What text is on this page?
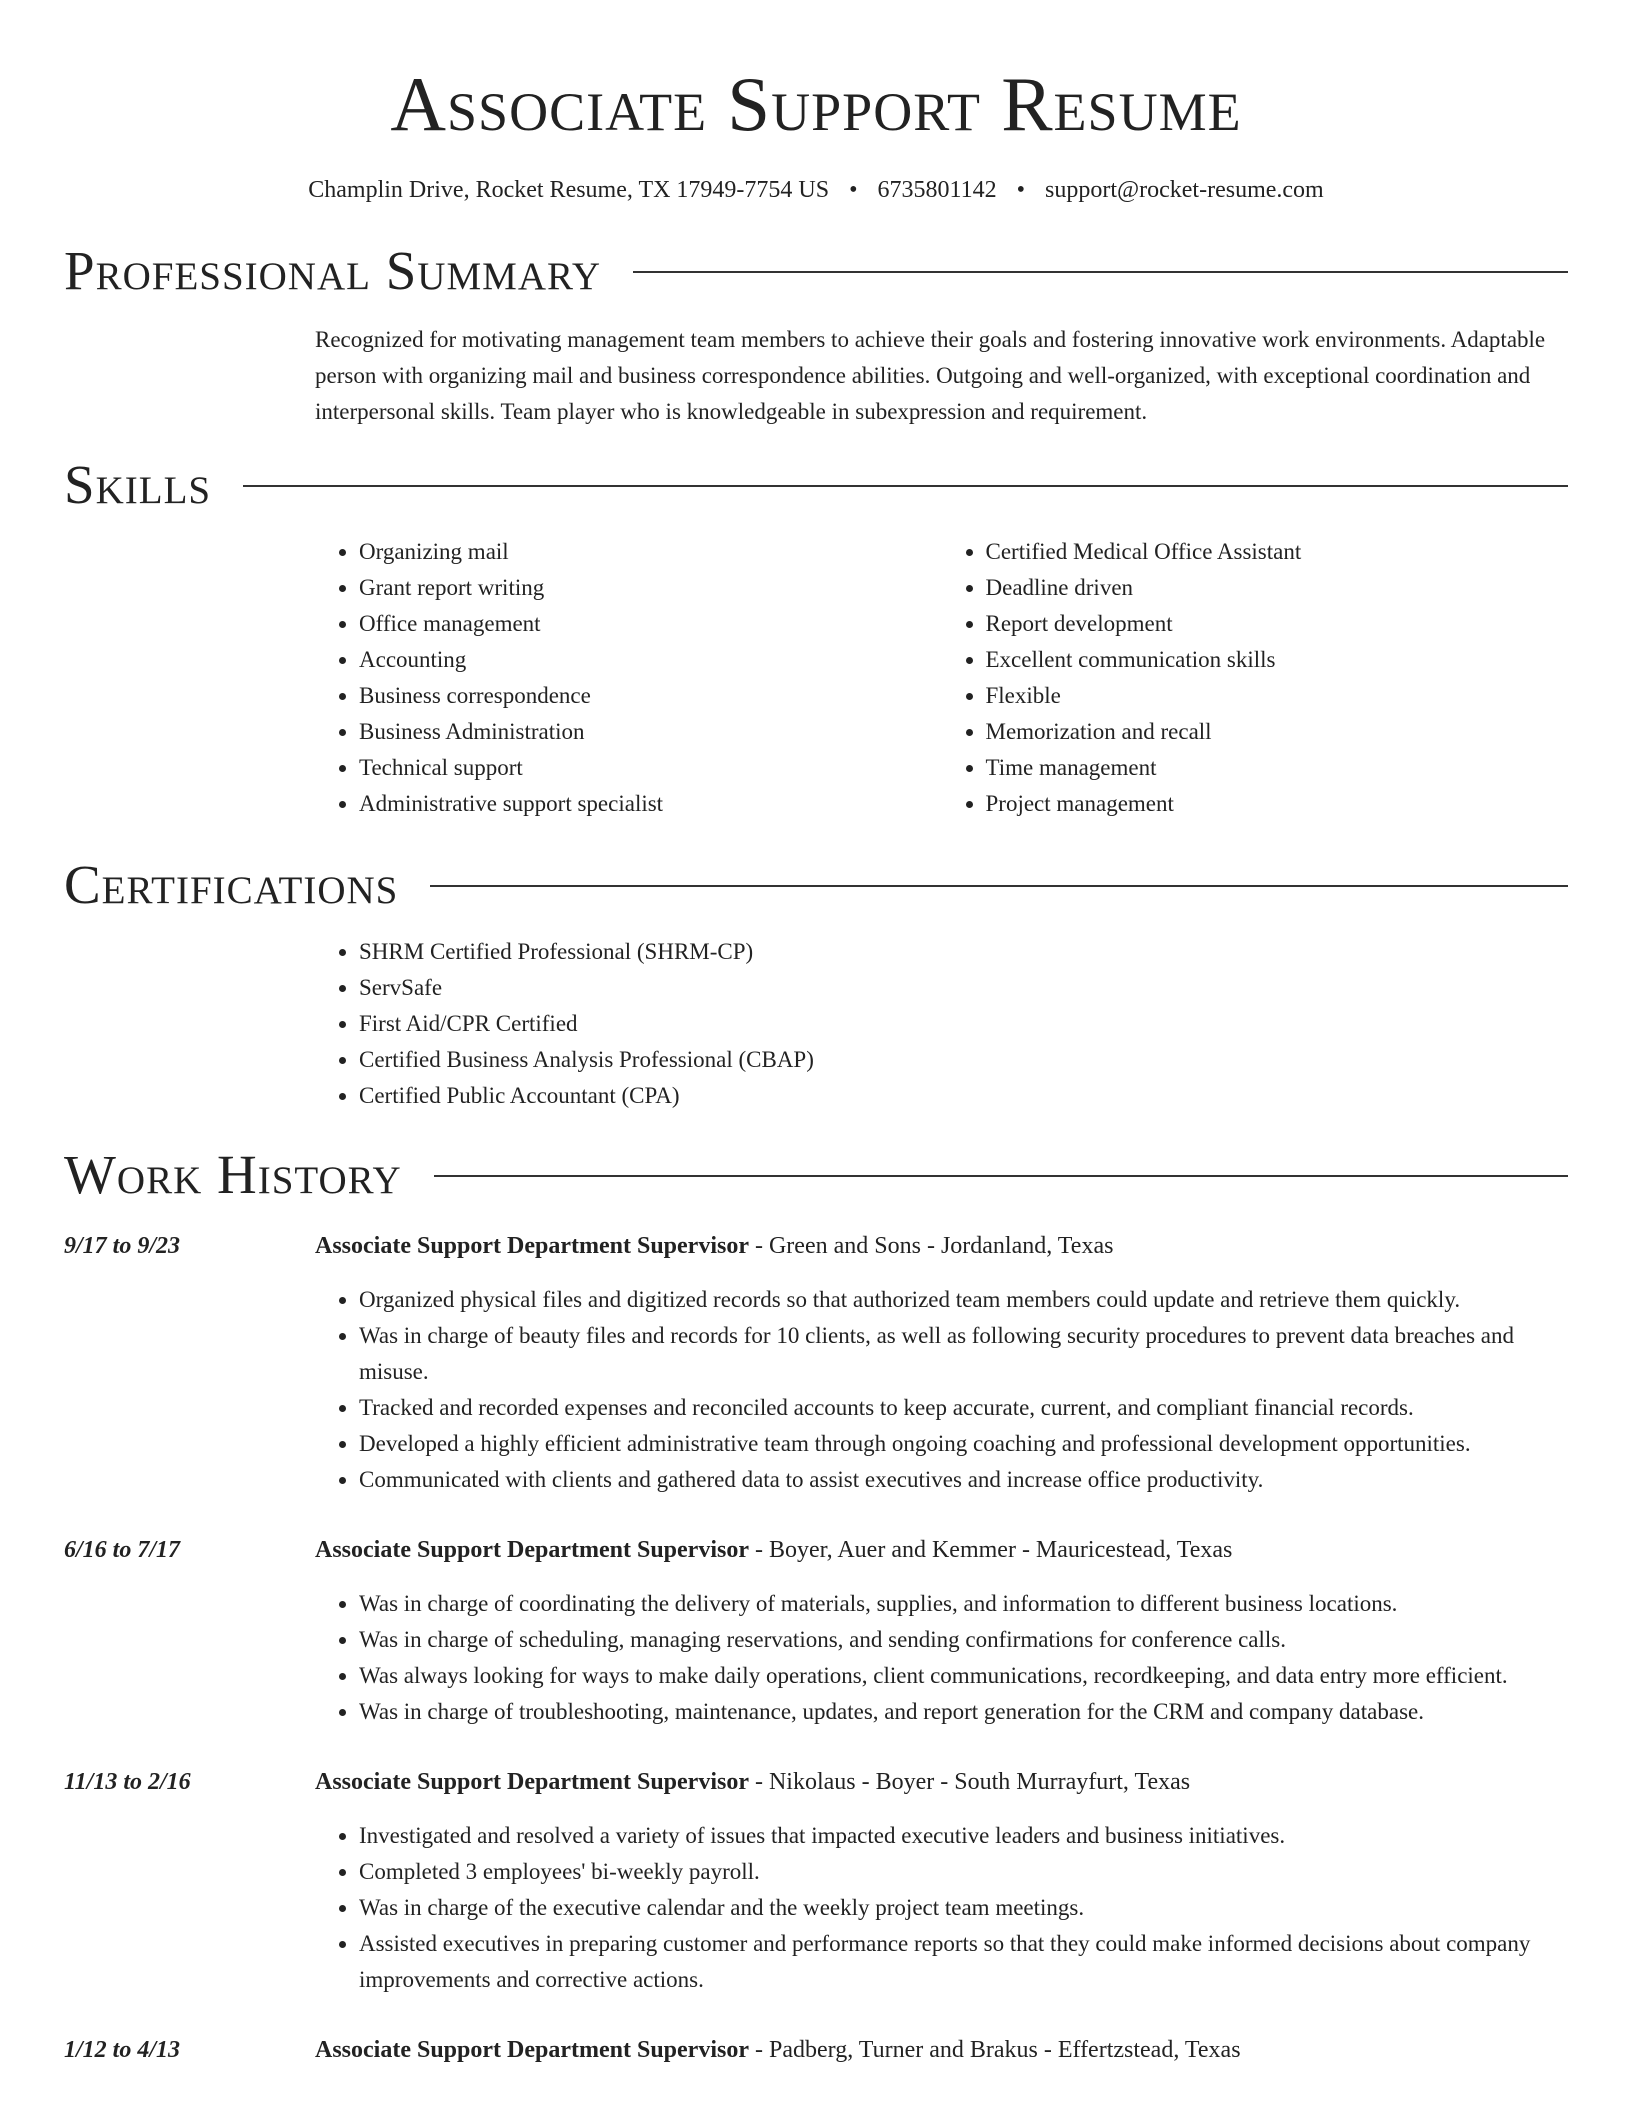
Associate Support Resume
Champlin Drive, Rocket Resume, TX 17949-7754 US • 6735801142 • support@rocket-resume.com
Professional Summary
Recognized for motivating management team members to achieve their goals and fostering innovative work environments. Adaptable person with organizing mail and business correspondence abilities. Outgoing and well-organized, with exceptional coordination and interpersonal skills. Team player who is knowledgeable in subexpression and requirement.
Skills
• Organizing mail
• Grant report writing
• Office management
• Accounting
• Business correspondence
• Business Administration
• Technical support
• Administrative support specialist
• Certified Medical Office Assistant
• Deadline driven
• Report development
• Excellent communication skills
• Flexible
• Memorization and recall
• Time management
• Project management
Certifications
• SHRM Certified Professional (SHRM-CP)
• ServSafe
• First Aid/CPR Certified
• Certified Business Analysis Professional (CBAP)
• Certified Public Accountant (CPA)
Work History
9/17 to 9/23	Associate Support Department Supervisor - Green and Sons - Jordanland, Texas
• Organized physical files and digitized records so that authorized team members could update and retrieve them quickly.
• Was in charge of beauty files and records for 10 clients, as well as following security procedures to prevent data breaches and misuse.
• Tracked and recorded expenses and reconciled accounts to keep accurate, current, and compliant financial records.
• Developed a highly efficient administrative team through ongoing coaching and professional development opportunities.
• Communicated with clients and gathered data to assist executives and increase office productivity.
6/16 to 7/17	Associate Support Department Supervisor - Boyer, Auer and Kemmer - Mauricestead, Texas
• Was in charge of coordinating the delivery of materials, supplies, and information to different business locations.
• Was in charge of scheduling, managing reservations, and sending confirmations for conference calls.
• Was always looking for ways to make daily operations, client communications, recordkeeping, and data entry more efficient.
• Was in charge of troubleshooting, maintenance, updates, and report generation for the CRM and company database.
11/13 to 2/16	Associate Support Department Supervisor - Nikolaus - Boyer - South Murrayfurt, Texas
• Investigated and resolved a variety of issues that impacted executive leaders and business initiatives.
• Completed 3 employees' bi-weekly payroll.
• Was in charge of the executive calendar and the weekly project team meetings.
• Assisted executives in preparing customer and performance reports so that they could make informed decisions about company improvements and corrective actions.
1/12 to 4/13	Associate Support Department Supervisor - Padberg, Turner and Brakus - Effertzstead, Texas
